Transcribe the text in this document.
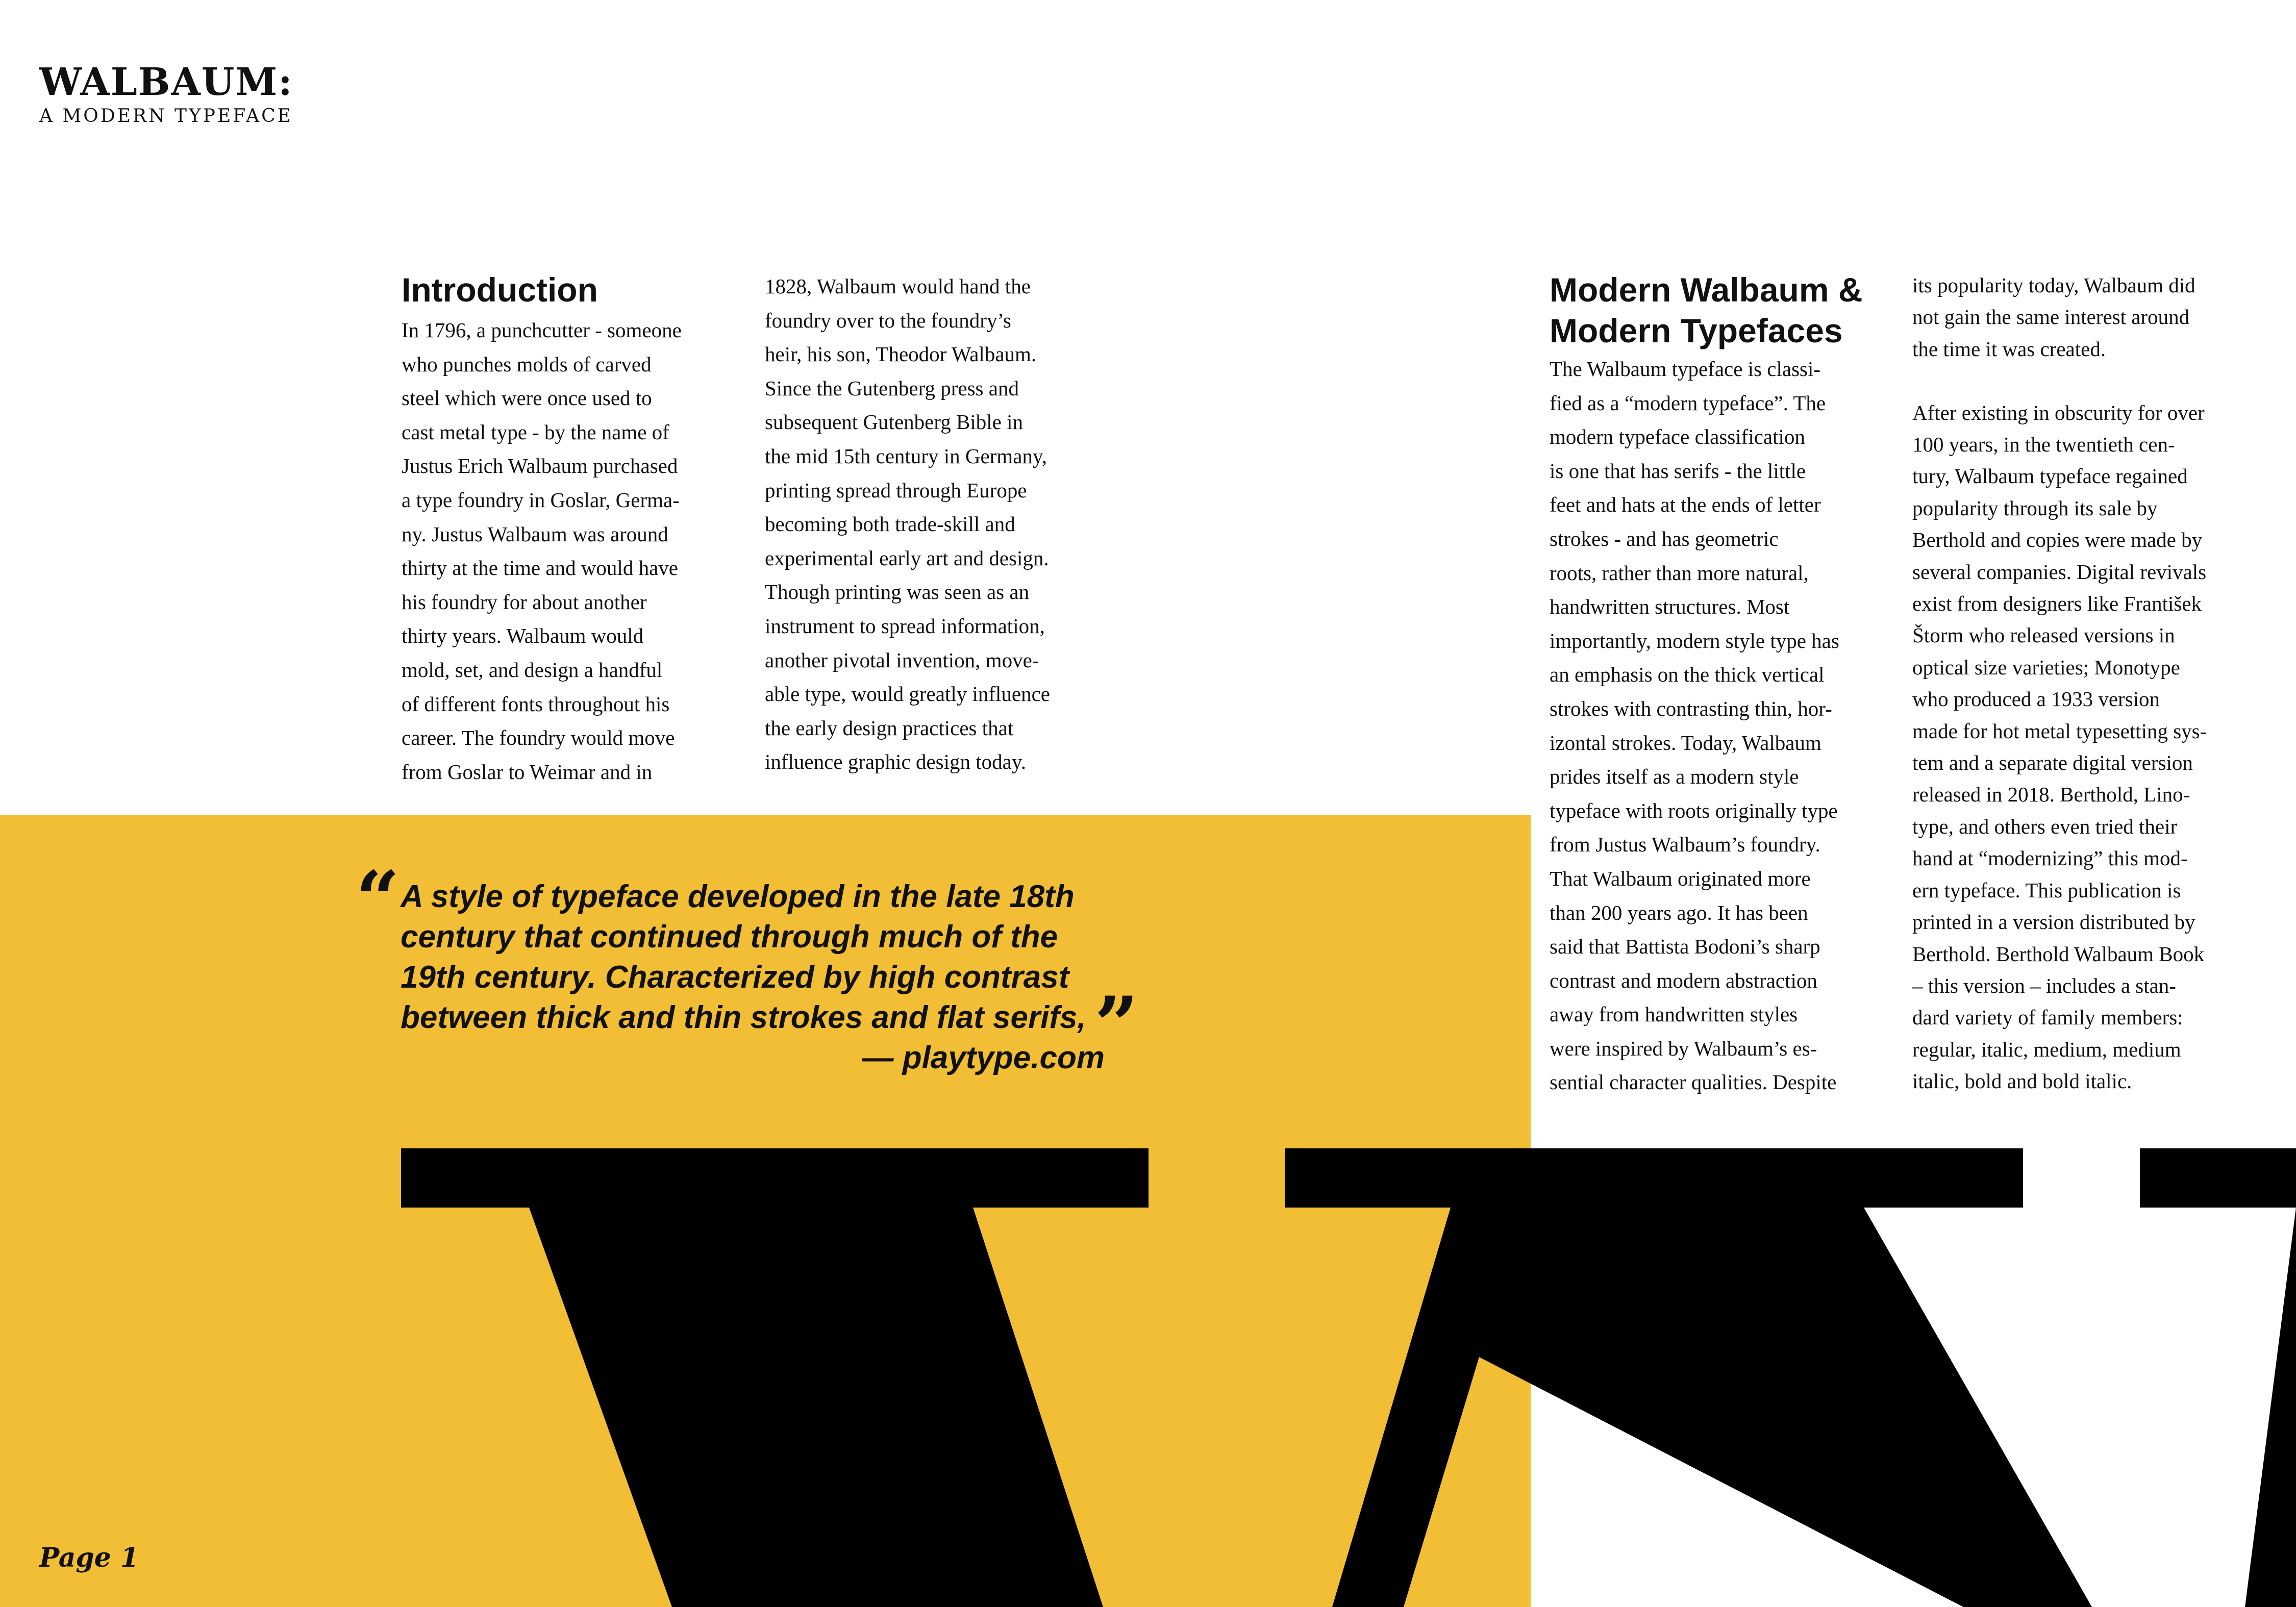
WALBAUM:
A MODERN TYPEFACE
Introduction
In 1796, a punchcutter - someone
who punches molds of carved
steel which were once used to
cast metal type - by the name of
Justus Erich Walbaum purchased
a type foundry in Goslar, Germa-
ny. Justus Walbaum was around
thirty at the time and would have
his foundry for about another
thirty years. Walbaum would
mold, set, and design a handful
of different fonts throughout his
career. The foundry would move
from Goslar to Weimar and in
1828, Walbaum would hand the
foundry over to the foundry’s
heir, his son, Theodor Walbaum.
Since the Gutenberg press and
subsequent Gutenberg Bible in
the mid 15th century in Germany,
printing spread through Europe
becoming both trade-skill and
experimental early art and design.
Though printing was seen as an
instrument to spread information,
another pivotal invention, move-
able type, would greatly influence
the early design practices that
influence graphic design today.
“ A style of typeface developed in the late 18th
century that continued through much of the
19th century. Characterized by high contrast
between thick and thin strokes and flat serifs,
— playtype.com
”
Modern Walbaum &
Modern Typefaces
The Walbaum typeface is classi-
fied as a “modern typeface”. The
modern typeface classification
is one that has serifs - the little
feet and hats at the ends of letter
strokes - and has geometric
roots, rather than more natural,
handwritten structures. Most
importantly, modern style type has
an emphasis on the thick vertical
strokes with contrasting thin, hor-
izontal strokes. Today, Walbaum
prides itself as a modern style
typeface with roots originally type
from Justus Walbaum’s foundry.
That Walbaum originated more
than 200 years ago. It has been
said that Battista Bodoni’s sharp
contrast and modern abstraction
away from handwritten styles
were inspired by Walbaum’s es-
sential character qualities. Despite
its popularity today, Walbaum did
not gain the same interest around
the time it was created.
After existing in obscurity for over
100 years, in the twentieth cen-
tury, Walbaum typeface regained
popularity through its sale by
Berthold and copies were made by
several companies. Digital revivals
exist from designers like František
Štorm who released versions in
optical size varieties; Monotype
who produced a 1933 version
made for hot metal typesetting sys-
tem and a separate digital version
released in 2018. Berthold, Lino-
type, and others even tried their
hand at “modernizing” this mod-
ern typeface. This publication is
printed in a version distributed by
Berthold. Berthold Walbaum Book
– this version – includes a stan-
dard variety of family members:
regular, italic, medium, medium
italic, bold and bold italic.
Page 1
